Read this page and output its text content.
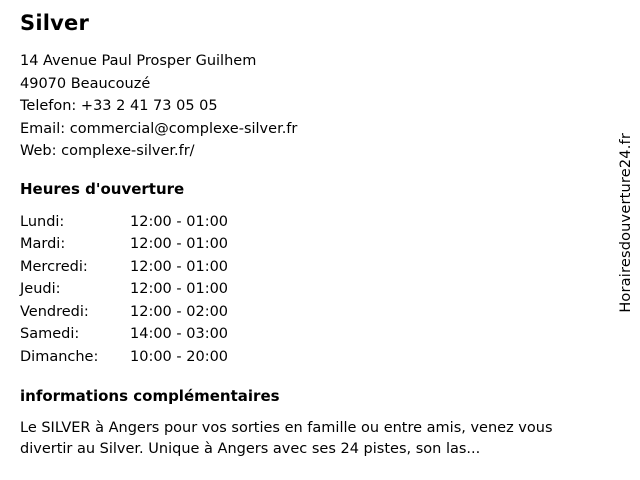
Silver
14 Avenue Paul Prosper Guilhem
49070 Beaucouzé
Telefon: +33 2 41 73 05 05
Email: commercial@complexe-silver.fr
Web: complexe-silver.fr/
Heures d'ouverture
Lundi:	12:00 - 01:00
Mardi:	12:00 - 01:00
Mercredi:	12:00 - 01:00
Jeudi:	12:00 - 01:00
Vendredi:	12:00 - 02:00
Samedi:	14:00 - 03:00
Dimanche:	10:00 - 20:00
informations complémentaires
Le SILVER à Angers pour vos sorties en famille ou entre amis, venez vous divertir au Silver. Unique à Angers avec ses 24 pistes, son las...
Horairesdouverture24.fr
